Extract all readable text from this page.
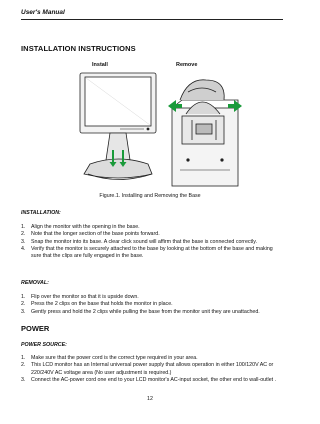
User's Manual
INSTALLATION INSTRUCTIONS
Install	Remove
Figure.1. Installing and Removing the Base
INSTALLATION:
1. Align the monitor with the opening in the base.
2. Note that the longer section of the base points forward.
3. Snap the monitor into its base. A clear click sound will affirm that the base is connected correctly.
4. Verify that the monitor is securely attached to the base by looking at the bottom of the base and making sure that the clips are fully engaged in the base.
REMOVAL:
1. Flip over the monitor so that it is upside down.
2. Press the 2 clips on the base that holds the monitor in place.
3. Gently press and hold the 2 clips while pulling the base from the monitor unit they are unattached.
POWER
POWER SOURCE:
1. Make sure that the power cord is the correct type required in your area.
2. This LCD monitor has an Internal universal power supply that allows operation in either 100/120V AC or 220/240V AC voltage area (No user adjustment is required.)
3. Connect the AC-power cord one end to your LCD monitor's AC-input socket, the other end to wall-outlet .
12
